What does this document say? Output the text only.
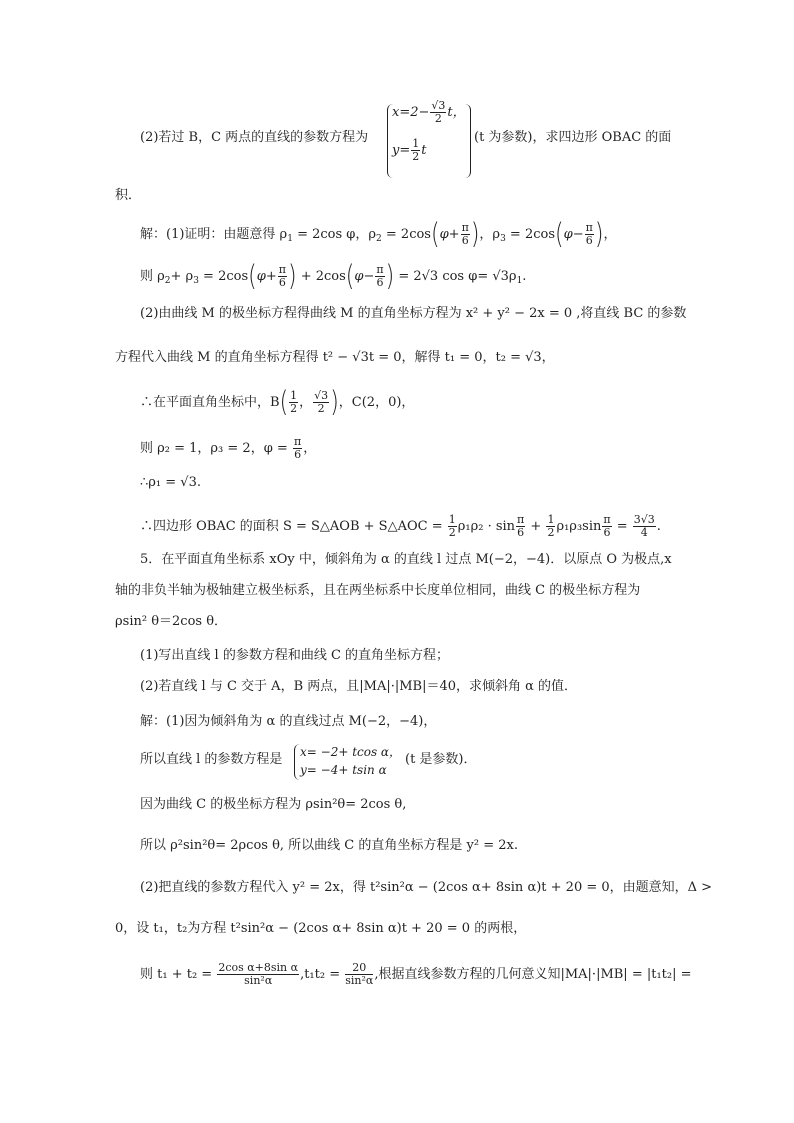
(2)若过 B，C 两点的直线的参数方程为
$x=2- \frac{√3}{2}$ t，
$y= \frac{1}{2}$ t
(t 为参数)，求四边形 OBAC 的面
积．
解：(1)证明：由题意得 $\rho_1 = 2\cos$ φ，$\rho_2 = 2\cos(\varphi+ \frac{\pi}{6}$ )，$\rho_3 = 2\cos(\varphi- \frac{\pi}{6}$ )，
则 $\rho_2+ \rho_3 = 2\cos(\varphi+ \frac{\pi}{6}$ ) + $2\cos(\varphi- \frac{\pi}{6}$ ) = 2√3 $\cos \varphi= √3\rho_1$.
(2)由曲线 M 的极坐标方程得曲线 M 的直角坐标方程为 x² + y² − 2x = 0 ,将直线 BC 的参数
方程代入曲线 M 的直角坐标方程得 t² − √3t = 0，解得 t₁ = 0，t₂ = √3，
∴在平面直角坐标中，$B( \frac{1}{2}$ ， $\frac{√3}{2}$ )，C(2，0)，
则 ρ₂ = 1，ρ₃ = 2，$\varphi = \frac{\pi}{6}$ ，
∴ρ₁ = √3.
∴四边形 OBAC 的面积 S = S△AOB + S△AOC = $\frac{1}{2} \rho_1\rho_2 \cdot \sin \frac{\pi}{6} + \frac{1}{2} \rho_1\rho_3\sin \frac{\pi}{6} = \frac{3√3}{4}$ .
5．在平面直角坐标系 xOy 中，倾斜角为 α 的直线 l 过点 M(−2，−4)．以原点 O 为极点,x
轴的非负半轴为极轴建立极坐标系，且在两坐标系中长度单位相同，曲线 C 的极坐标方程为
ρsin² θ＝2cos θ．
(1)写出直线 l 的参数方程和曲线 C 的直角坐标方程；
(2)若直线 l 与 C 交于 A，B 两点，且|MA|·|MB|＝40，求倾斜角 α 的值．
解：(1)因为倾斜角为 α 的直线过点 M(−2，−4)，
所以直线 l 的参数方程是 x= −2+ tcos α，
y= −4+ tsin α
(t 是参数)．
因为曲线 C 的极坐标方程为 ρsin²θ= 2cos θ,
所以 ρ²sin²θ= 2ρcos θ, 所以曲线 C 的直角坐标方程是 y² = 2x.
(2)把直线的参数方程代入 y² = 2x，得 t²sin²α − (2cos α+ 8sin α)t + 20 = 0，由题意知，Δ >
0，设 t₁，t₂为方程 t²sin²α − (2cos α+ 8sin α)t + 20 = 0 的两根，
则 $t_1 + t_2 = \frac{\text{2cos α+8sin α}}{\text{sin²α}} ,t_1t_2 = \frac{20}{\text{sin²α}}$ ,根据直线参数方程的几何意义知|MA|·|MB| = |t₁t₂| =
